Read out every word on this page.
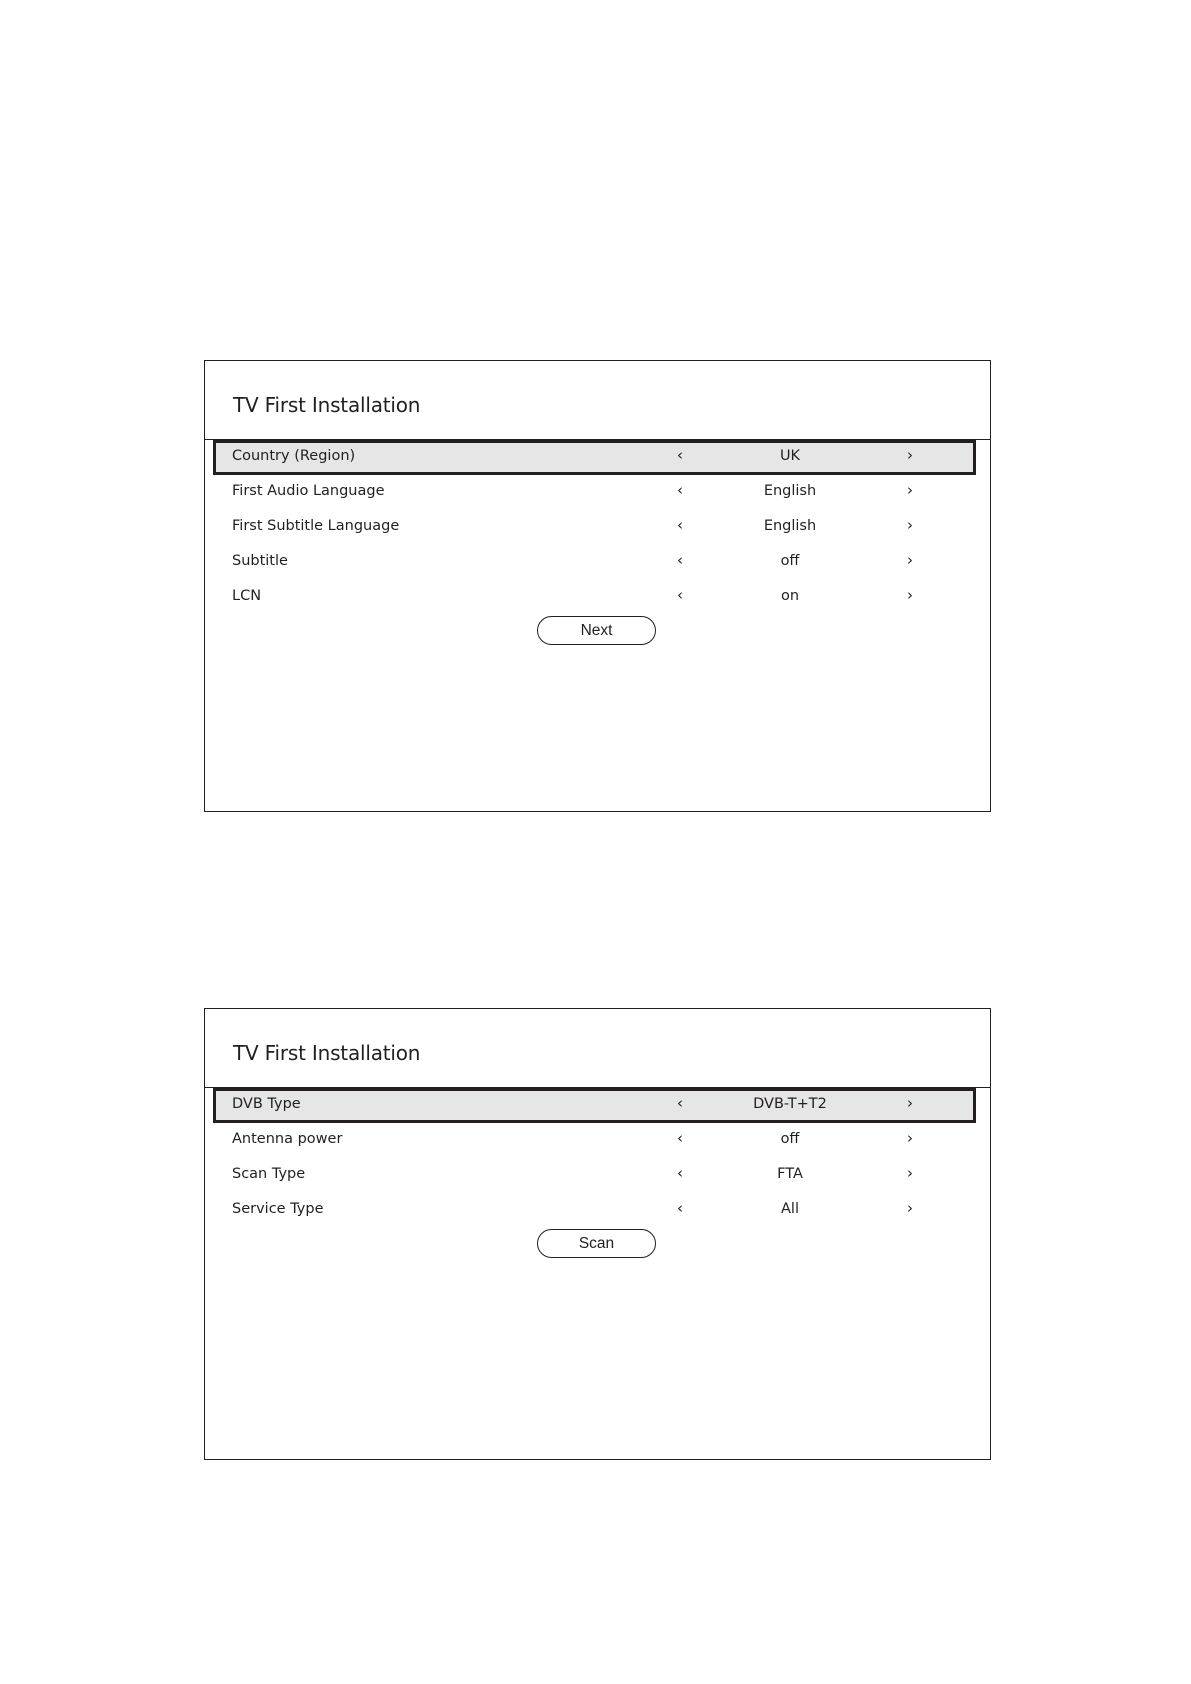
TV First Installation
Country (Region)	‹	UK	›
First Audio Language	‹	English	›
First Subtitle Language	‹	English	›
Subtitle	‹	off	›
LCN	‹	on	›
Next
TV First Installation
DVB Type	‹	DVB-T+T2	›
Antenna power	‹	off	›
Scan Type	‹	FTA	›
Service Type	‹	All	›
Scan
